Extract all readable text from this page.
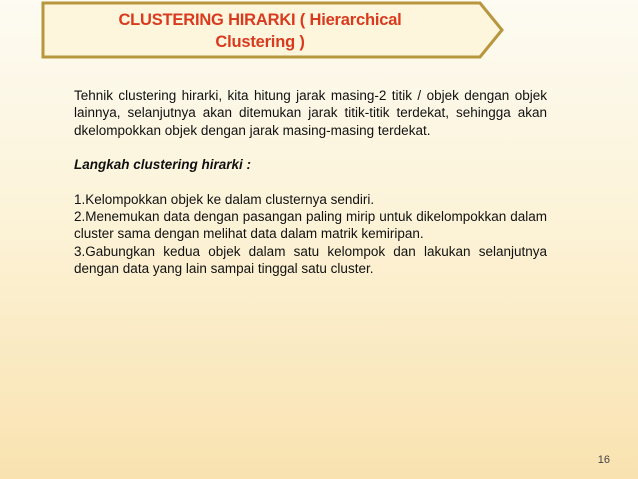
CLUSTERING HIRARKI ( Hierarchical
Clustering )

Tehnik clustering hirarki, kita hitung jarak masing-2 titik / objek dengan objek lainnya, selanjutnya akan ditemukan jarak titik-titik terdekat, sehingga akan dkelompokkan objek dengan jarak masing-masing terdekat.

Langkah clustering hirarki :

1.Kelompokkan objek ke dalam clusternya sendiri.

2.Menemukan data dengan pasangan paling mirip untuk dikelompokkan dalam cluster sama dengan melihat data dalam matrik kemiripan.

3.Gabungkan kedua objek dalam satu kelompok dan lakukan selanjutnya dengan data yang lain sampai tinggal satu cluster.

16
